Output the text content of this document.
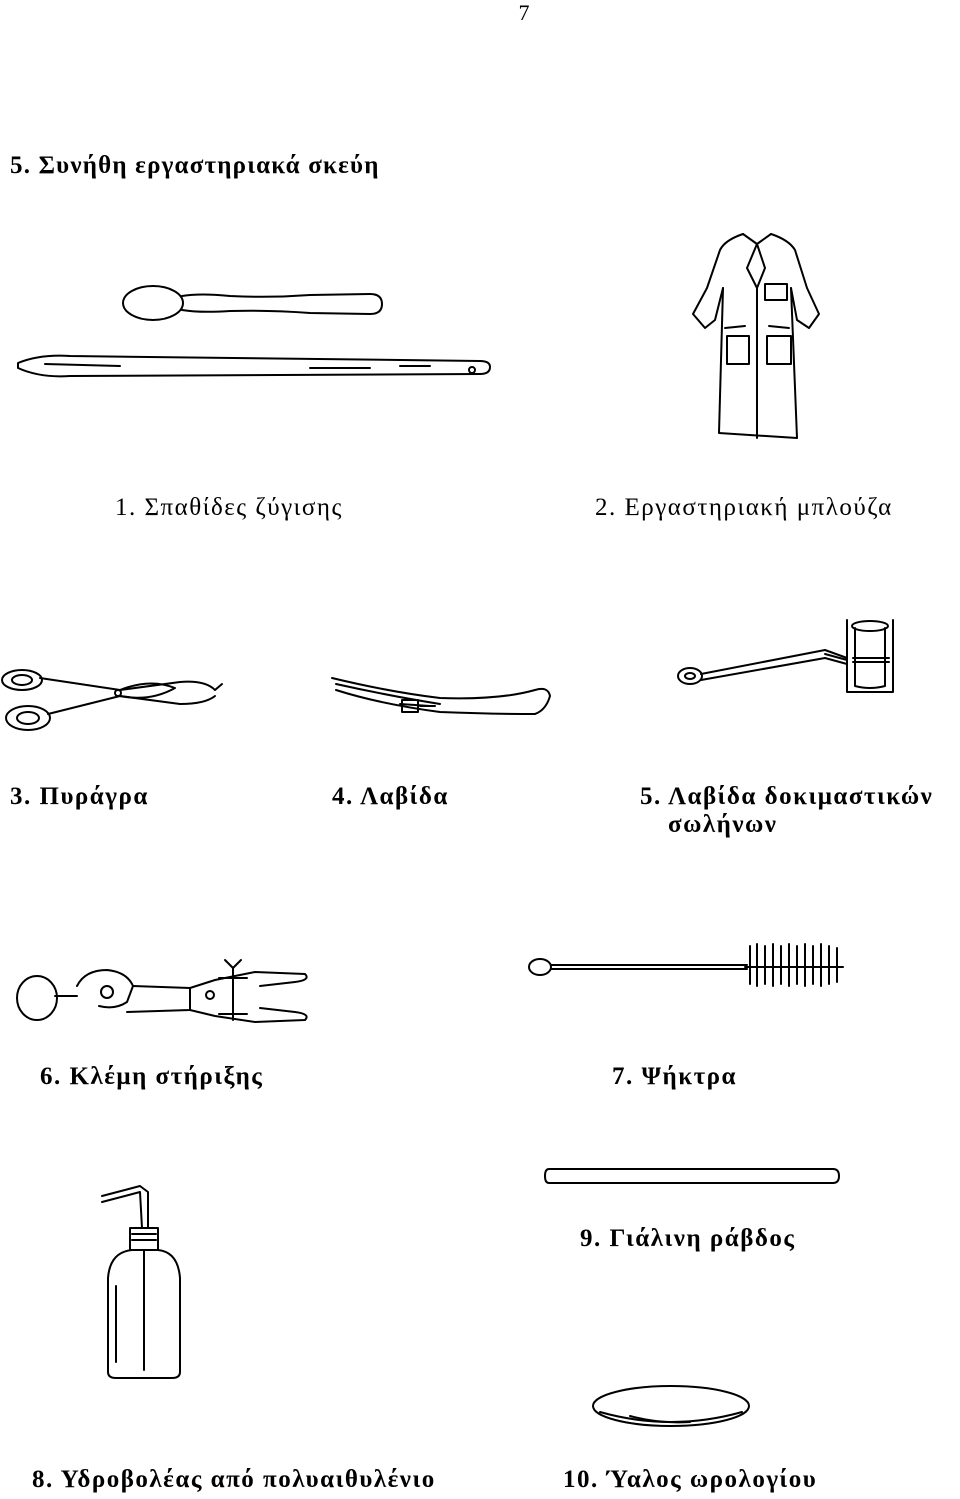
7
5. Συνήθη εργαστηριακά σκεύη
1. Σπαθίδες ζύγισης	2. Εργαστηριακή μπλούζα
3. Πυράγρα	4. Λαβίδα	5. Λαβίδα δοκιμαστικών
σωλήνων
6. Κλέμη στήριξης	7. Ψήκτρα
9. Γιάλινη ράβδος
8. Υδροβολέας από πολυαιθυλένιο	10. Ύαλος ωρολογίου
